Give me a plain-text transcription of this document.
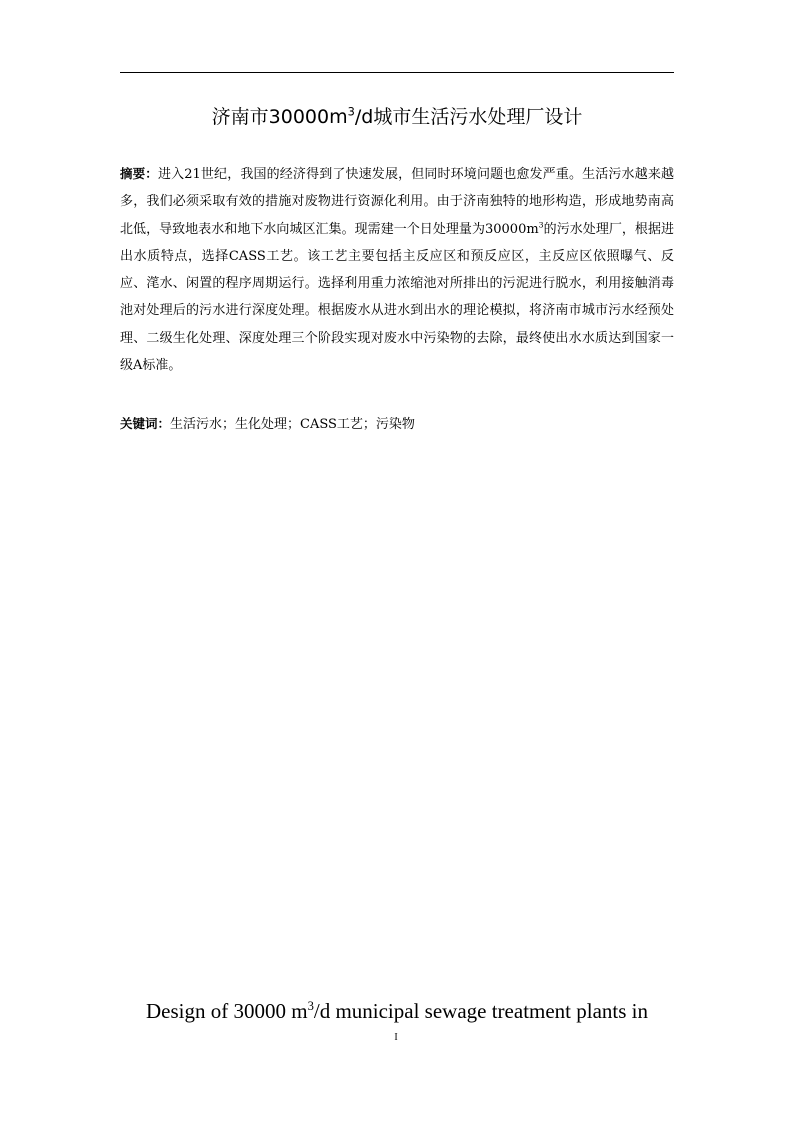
济南市$30000m^3/d$城市生活污水处理厂设计

摘要：进入21世纪，我国的经济得到了快速发展，但同时环境问题也愈发严重。生活污水越来越多，我们必须采取有效的措施对废物进行资源化利用。由于济南独特的地形构造，形成地势南高北低，导致地表水和地下水向城区汇集。现需建一个日处理量为$30000m^3$的污水处理厂，根据进出水质特点，选择CASS工艺。该工艺主要包括主反应区和预反应区，主反应区依照曝气、反应、滗水、闲置的程序周期运行。选择利用重力浓缩池对所排出的污泥进行脱水，利用接触消毒池对处理后的污水进行深度处理。根据废水从进水到出水的理论模拟，将济南市城市污水经预处理、二级生化处理、深度处理三个阶段实现对废水中污染物的去除，最终使出水水质达到国家一级A标准。

关键词：生活污水；生化处理；CASS工艺；污染物

Design of 30000 $m^3/d$ municipal sewage treatment plants in
I
